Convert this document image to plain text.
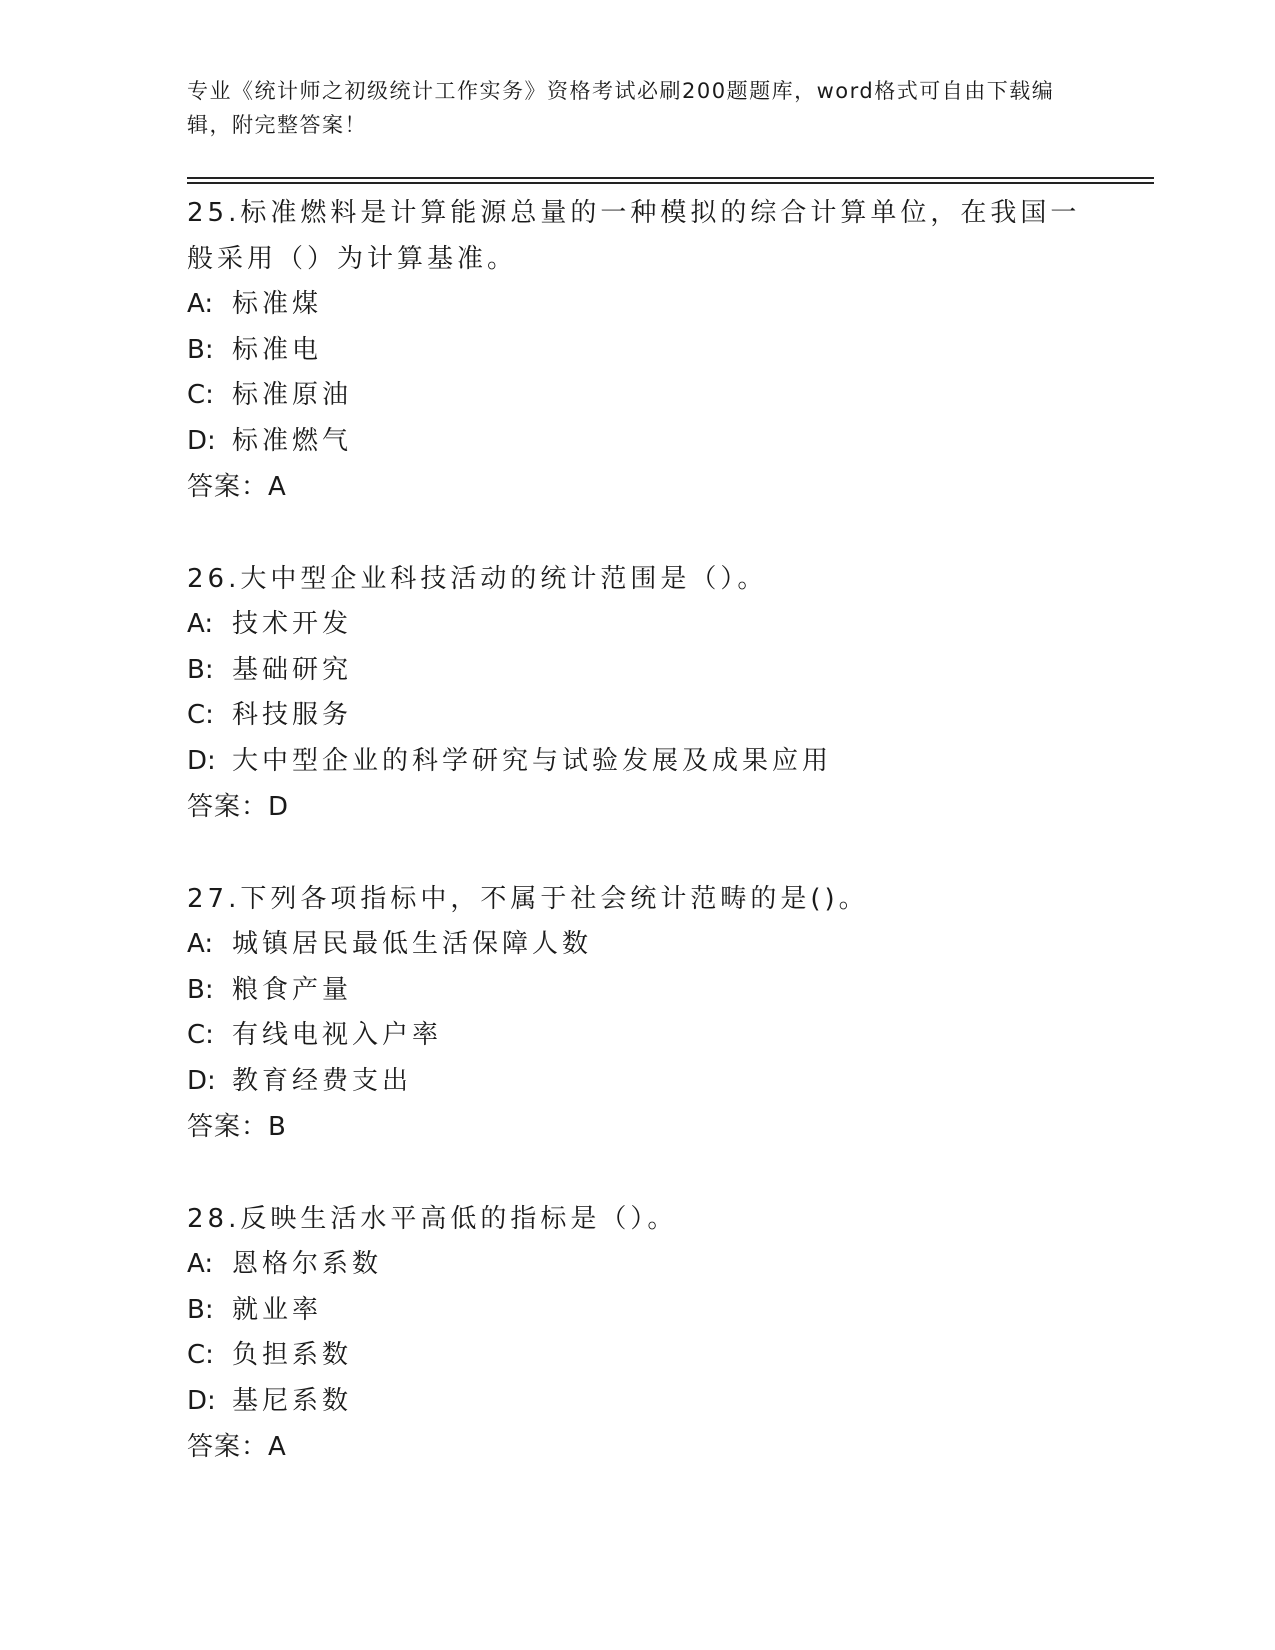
专业《统计师之初级统计工作实务》资格考试必刷200题题库，word格式可自由下载编辑，附完整答案！

25.标准燃料是计算能源总量的一种模拟的综合计算单位，在我国一般采用（）为计算基准。

A: 标准煤
B: 标准电
C: 标准原油
D: 标准燃气
答案：A

26.大中型企业科技活动的统计范围是（）。

A: 技术开发
B: 基础研究
C: 科技服务
D: 大中型企业的科学研究与试验发展及成果应用
答案：D

27.下列各项指标中，不属于社会统计范畴的是()。

A: 城镇居民最低生活保障人数
B: 粮食产量
C: 有线电视入户率
D: 教育经费支出
答案：B

28.反映生活水平高低的指标是（）。

A: 恩格尔系数
B: 就业率
C: 负担系数
D: 基尼系数
答案：A
